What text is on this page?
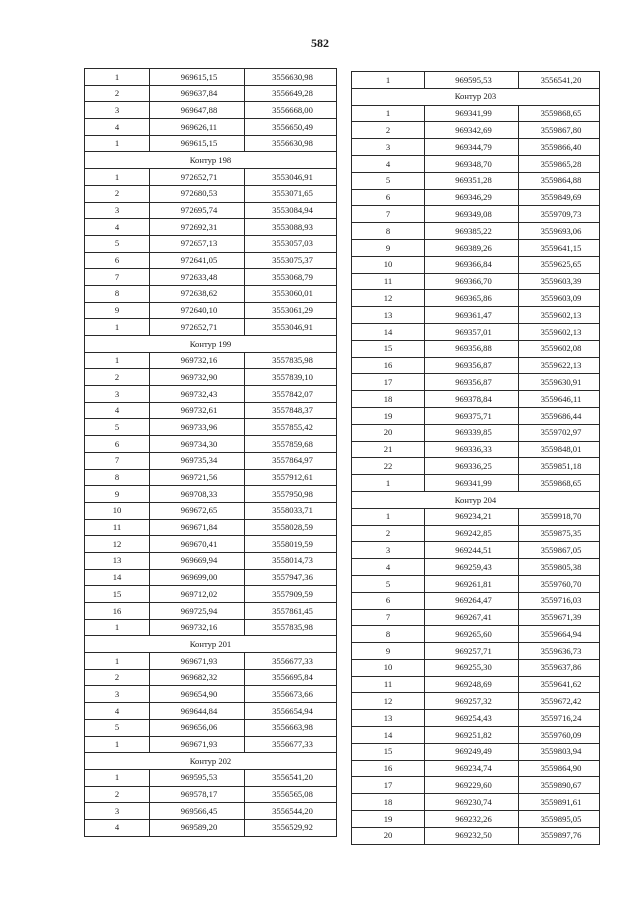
582
1	969615,15	3556630,98
2	969637,84	3556649,28
3	969647,88	3556668,00
4	969626,11	3556650,49
1	969615,15	3556630,98
Контур 198		
1	972652,71	3553046,91
2	972680,53	3553071,65
3	972695,74	3553084,94
4	972692,31	3553088,93
5	972657,13	3553057,03
6	972641,05	3553075,37
7	972633,48	3553068,79
8	972638,62	3553060,01
9	972640,10	3553061,29
1	972652,71	3553046,91
Контур 199		
1	969732,16	3557835,98
2	969732,90	3557839,10
3	969732,43	3557842,07
4	969732,61	3557848,37
5	969733,96	3557855,42
6	969734,30	3557859,68
7	969735,34	3557864,97
8	969721,56	3557912,61
9	969708,33	3557950,98
10	969672,65	3558033,71
11	969671,84	3558028,59
12	969670,41	3558019,59
13	969669,94	3558014,73
14	969699,00	3557947,36
15	969712,02	3557909,59
16	969725,94	3557861,45
1	969732,16	3557835,98
Контур 201		
1	969671,93	3556677,33
2	969682,32	3556695,84
3	969654,90	3556673,66
4	969644,84	3556654,94
5	969656,06	3556663,98
1	969671,93	3556677,33
Контур 202		
1	969595,53	3556541,20
2	969578,17	3556565,08
3	969566,45	3556544,20
4	969589,20	3556529,92
1	969595,53	3556541,20
Контур 203		
1	969341,99	3559868,65
2	969342,69	3559867,80
3	969344,79	3559866,40
4	969348,70	3559865,28
5	969351,28	3559864,88
6	969346,29	3559849,69
7	969349,08	3559709,73
8	969385,22	3559693,06
9	969389,26	3559641,15
10	969366,84	3559625,65
11	969366,70	3559603,39
12	969365,86	3559603,09
13	969361,47	3559602,13
14	969357,01	3559602,13
15	969356,88	3559602,08
16	969356,87	3559622,13
17	969356,87	3559630,91
18	969378,84	3559646,11
19	969375,71	3559686,44
20	969339,85	3559702,97
21	969336,33	3559848,01
22	969336,25	3559851,18
1	969341,99	3559868,65
Контур 204		
1	969234,21	3559918,70
2	969242,85	3559875,35
3	969244,51	3559867,05
4	969259,43	3559805,38
5	969261,81	3559760,70
6	969264,47	3559716,03
7	969267,41	3559671,39
8	969265,60	3559664,94
9	969257,71	3559636,73
10	969255,30	3559637,86
11	969248,69	3559641,62
12	969257,32	3559672,42
13	969254,43	3559716,24
14	969251,82	3559760,09
15	969249,49	3559803,94
16	969234,74	3559864,90
17	969229,60	3559890,67
18	969230,74	3559891,61
19	969232,26	3559895,05
20	969232,50	3559897,76
